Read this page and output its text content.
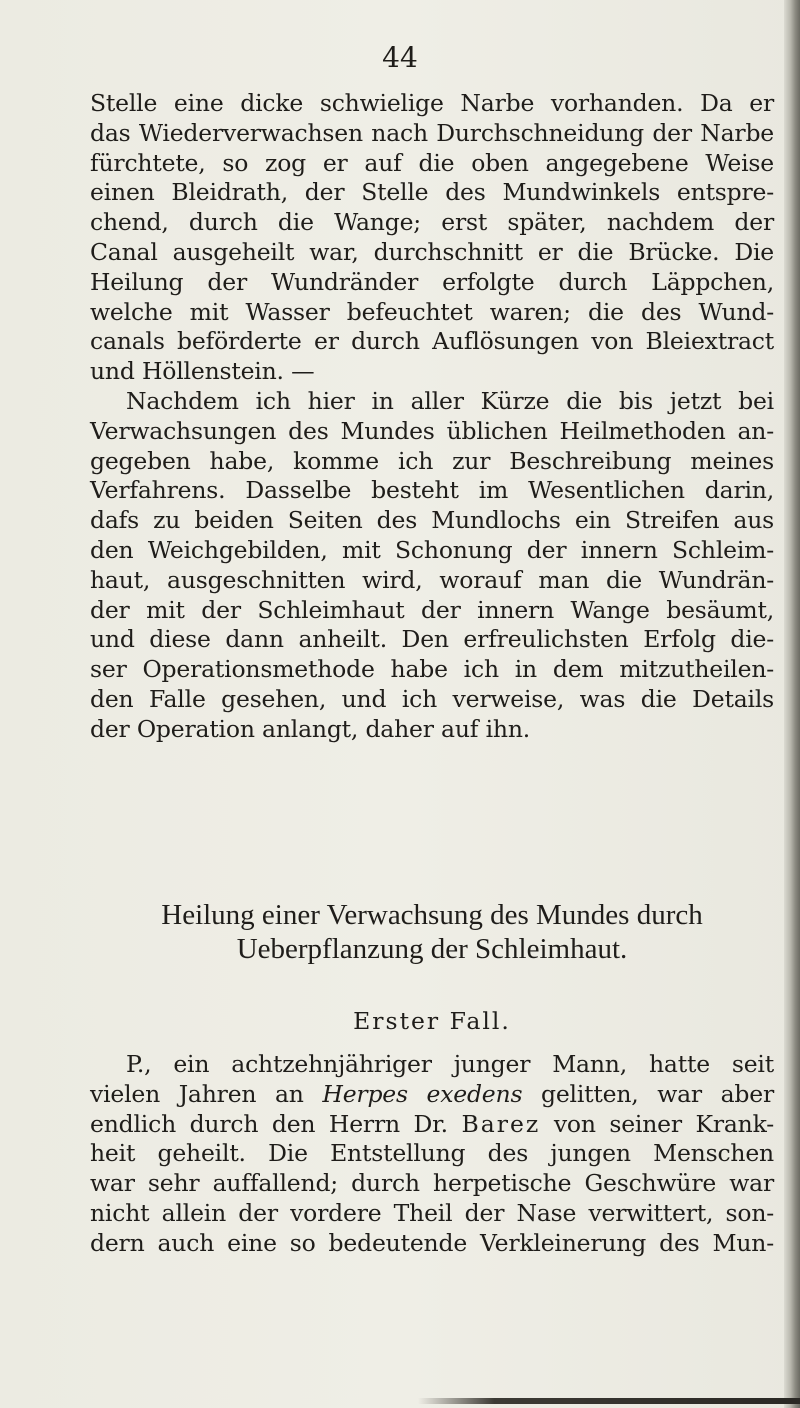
44
Stelle eine dicke schwielige Narbe vorhanden. Da er
das Wiederverwachsen nach Durchschneidung der Narbe
fürchtete, so zog er auf die oben angegebene Weise
einen Bleidrath, der Stelle des Mundwinkels entspre-
chend, durch die Wange; erst später, nachdem der
Canal ausgeheilt war, durchschnitt er die Brücke. Die
Heilung der Wundränder erfolgte durch Läppchen,
welche mit Wasser befeuchtet waren; die des Wund-
canals beförderte er durch Auflösungen von Bleiextract
und Höllenstein. —
Nachdem ich hier in aller Kürze die bis jetzt bei
Verwachsungen des Mundes üblichen Heilmethoden an-
gegeben habe, komme ich zur Beschreibung meines
Verfahrens. Dasselbe besteht im Wesentlichen darin,
dafs zu beiden Seiten des Mundlochs ein Streifen aus
den Weichgebilden, mit Schonung der innern Schleim-
haut, ausgeschnitten wird, worauf man die Wundrän-
der mit der Schleimhaut der innern Wange besäumt,
und diese dann anheilt. Den erfreulichsten Erfolg die-
ser Operationsmethode habe ich in dem mitzutheilen-
den Falle gesehen, und ich verweise, was die Details
der Operation anlangt, daher auf ihn.
Heilung einer Verwachsung des Mundes durch
Ueberpflanzung der Schleimhaut.
Erster Fall.
P., ein achtzehnjähriger junger Mann, hatte seit
vielen Jahren an Herpes exedens gelitten, war aber
endlich durch den Herrn Dr. Barez von seiner Krank-
heit geheilt. Die Entstellung des jungen Menschen
war sehr auffallend; durch herpetische Geschwüre war
nicht allein der vordere Theil der Nase verwittert, son-
dern auch eine so bedeutende Verkleinerung des Mun-
